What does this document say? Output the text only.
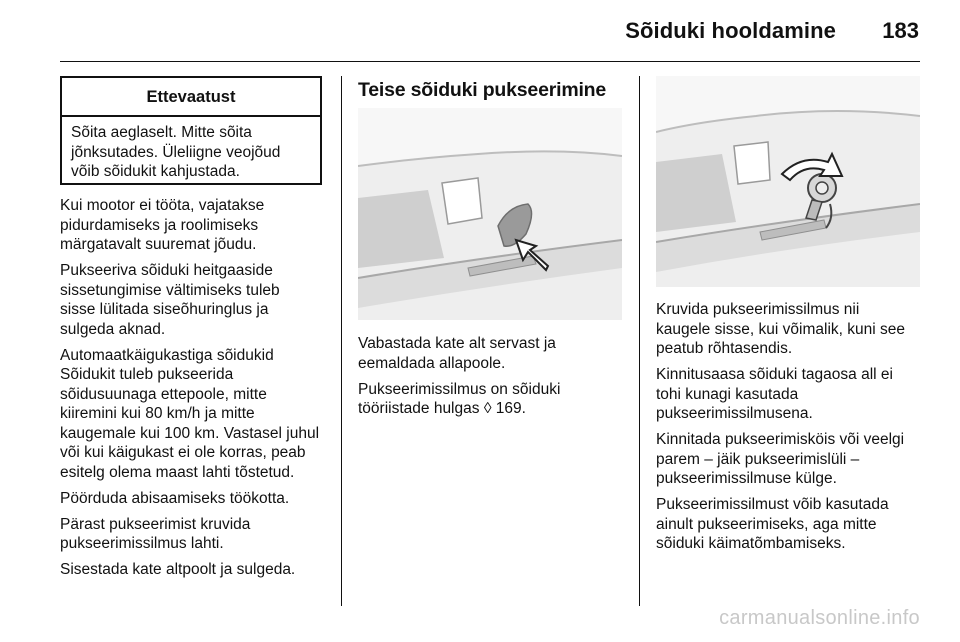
Sõiduki hooldamine 183
Ettevaatust
Sõita aeglaselt. Mitte sõita jõnksutades. Üleliigne veojõud võib sõidukit kahjustada.

Kui mootor ei tööta, vajatakse
pidurdamiseks ja roolimiseks
märgatavalt suuremat jõudu.

Pukseeriva sõiduki heitgaaside
sissetungimise vältimiseks tuleb
sisse lülitada siseõhuringlus ja
sulgeda aknad.

Automaatkäigukastiga sõidukid
Sõidukit tuleb pukseerida
sõidusuunaga ettepoole, mitte
kiiremini kui 80 km/h ja mitte
kaugemale kui 100 km. Vastasel juhul
või kui käigukast ei ole korras, peab
esitelg olema maast lahti tõstetud.

Pöörduda abisaamiseks töökotta.

Pärast pukseerimist kruvida
pukseerimissilmus lahti.

Sisestada kate altpoolt ja sulgeda.

Teise sõiduki pukseerimine

Vabastada kate alt servast ja
eemaldada allapoole.

Pukseerimissilmus on sõiduki
tööriistade hulgas ◊ 169.

Kruvida pukseerimissilmus nii
kaugele sisse, kui võimalik, kuni see
peatub rõhtasendis.

Kinnitusaasa sõiduki tagaosa all ei
tohi kunagi kasutada
pukseerimissilmusena.

Kinnitada pukseerimisköis või veelgi
parem – jäik pukseerimislüli –
pukseerimissilmuse külge.

Pukseerimissilmust võib kasutada
ainult pukseerimiseks, aga mitte
sõiduki käimatõmbamiseks.

carmanualsonline.info
